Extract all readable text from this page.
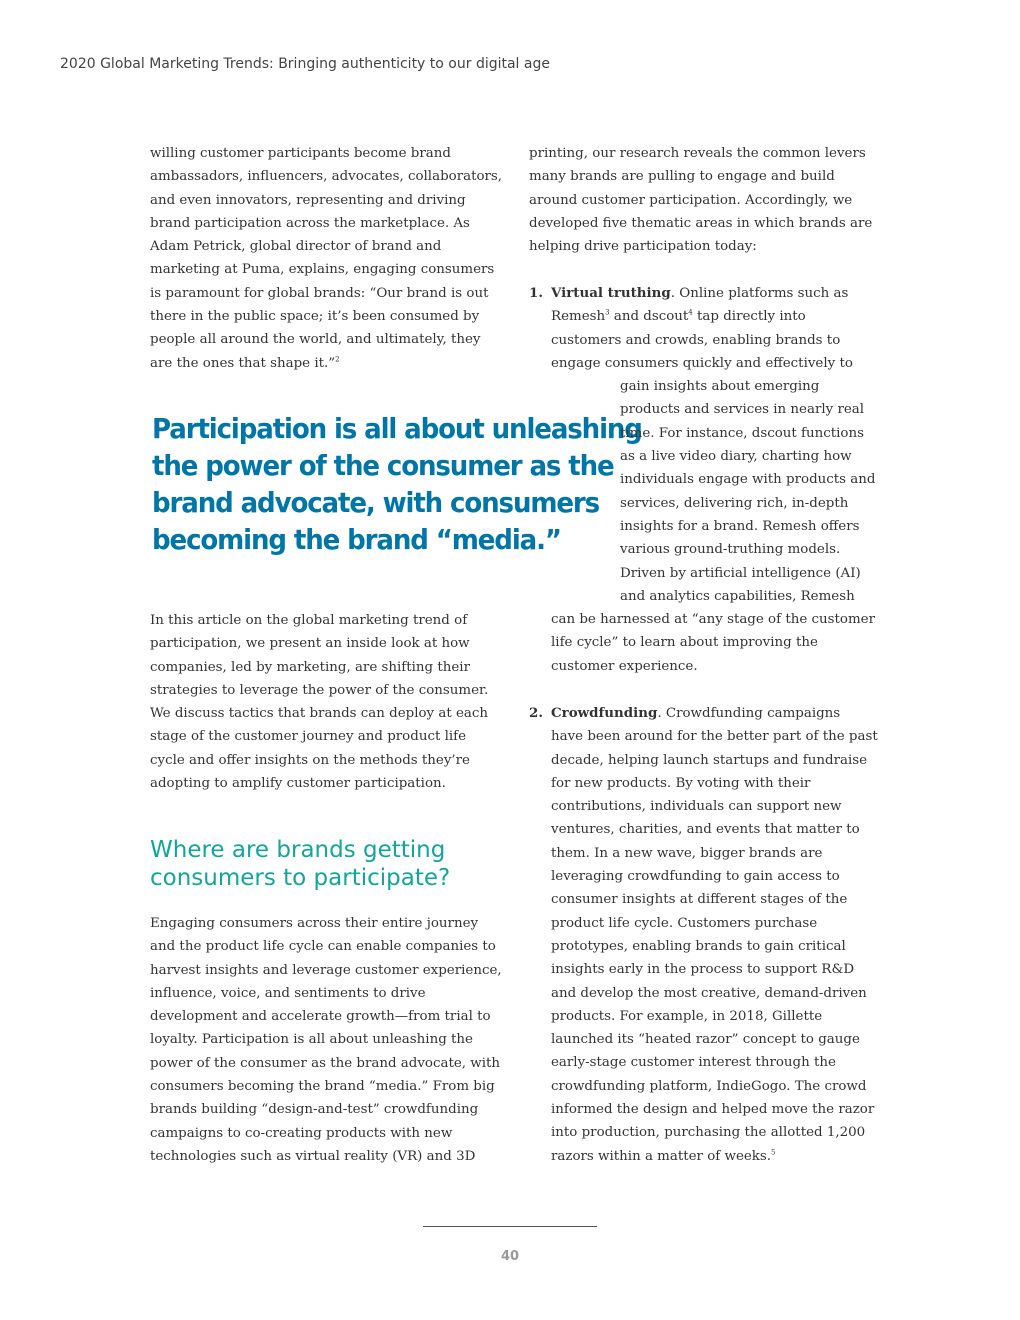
2020 Global Marketing Trends: Bringing authenticity to our digital age
willing customer participants become brand
ambassadors, influencers, advocates, collaborators,
and even innovators, representing and driving
brand participation across the marketplace. As
Adam Petrick, global director of brand and
marketing at Puma, explains, engaging consumers
is paramount for global brands: “Our brand is out
there in the public space; it’s been consumed by
people all around the world, and ultimately, they
are the ones that shape it.”$^2$
Participation is all about unleashing
the power of the consumer as the
brand advocate, with consumers
becoming the brand “media.”
In this article on the global marketing trend of
participation, we present an inside look at how
companies, led by marketing, are shifting their
strategies to leverage the power of the consumer.
We discuss tactics that brands can deploy at each
stage of the customer journey and product life
cycle and offer insights on the methods they’re
adopting to amplify customer participation.
Where are brands getting
consumers to participate?
Engaging consumers across their entire journey
and the product life cycle can enable companies to
harvest insights and leverage customer experience,
influence, voice, and sentiments to drive
development and accelerate growth—from trial to
loyalty. Participation is all about unleashing the
power of the consumer as the brand advocate, with
consumers becoming the brand “media.” From big
brands building “design-and-test” crowdfunding
campaigns to co-creating products with new
technologies such as virtual reality (VR) and 3D
printing, our research reveals the common levers
many brands are pulling to engage and build
around customer participation. Accordingly, we
developed five thematic areas in which brands are
helping drive participation today:
1. Virtual truthing. Online platforms such as
Remesh$^3$ and dscout$^4$ tap directly into
customers and crowds, enabling brands to
engage consumers quickly and effectively to
gain insights about emerging
products and services in nearly real
time. For instance, dscout functions
as a live video diary, charting how
individuals engage with products and
services, delivering rich, in-depth
insights for a brand. Remesh offers
various ground-truthing models.
Driven by artificial intelligence (AI)
and analytics capabilities, Remesh
can be harnessed at “any stage of the customer
life cycle” to learn about improving the
customer experience.
2. Crowdfunding. Crowdfunding campaigns
have been around for the better part of the past
decade, helping launch startups and fundraise
for new products. By voting with their
contributions, individuals can support new
ventures, charities, and events that matter to
them. In a new wave, bigger brands are
leveraging crowdfunding to gain access to
consumer insights at different stages of the
product life cycle. Customers purchase
prototypes, enabling brands to gain critical
insights early in the process to support R&D
and develop the most creative, demand-driven
products. For example, in 2018, Gillette
launched its “heated razor” concept to gauge
early-stage customer interest through the
crowdfunding platform, IndieGogo. The crowd
informed the design and helped move the razor
into production, purchasing the allotted 1,200
razors within a matter of weeks.$^5$
40
